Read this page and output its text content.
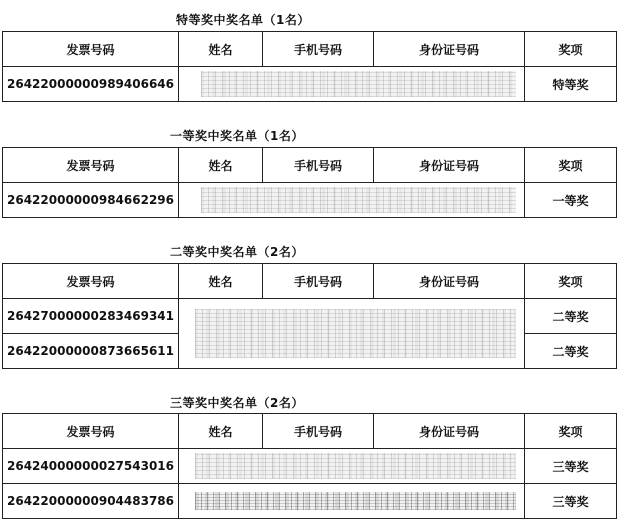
特等奖中奖名单（1名）
发票号码	姓名	手机号码	身份证号码	奖项
26422000000989406646				特等奖
一等奖中奖名单（1名）
发票号码	姓名	手机号码	身份证号码	奖项
26422000000984662296				一等奖
二等奖中奖名单（2名）
发票号码	姓名	手机号码	身份证号码	奖项
26427000000283469341				二等奖
26422000000873665611				二等奖
三等奖中奖名单（2名）
发票号码	姓名	手机号码	身份证号码	奖项
26424000000027543016				三等奖
26422000000904483786				三等奖
